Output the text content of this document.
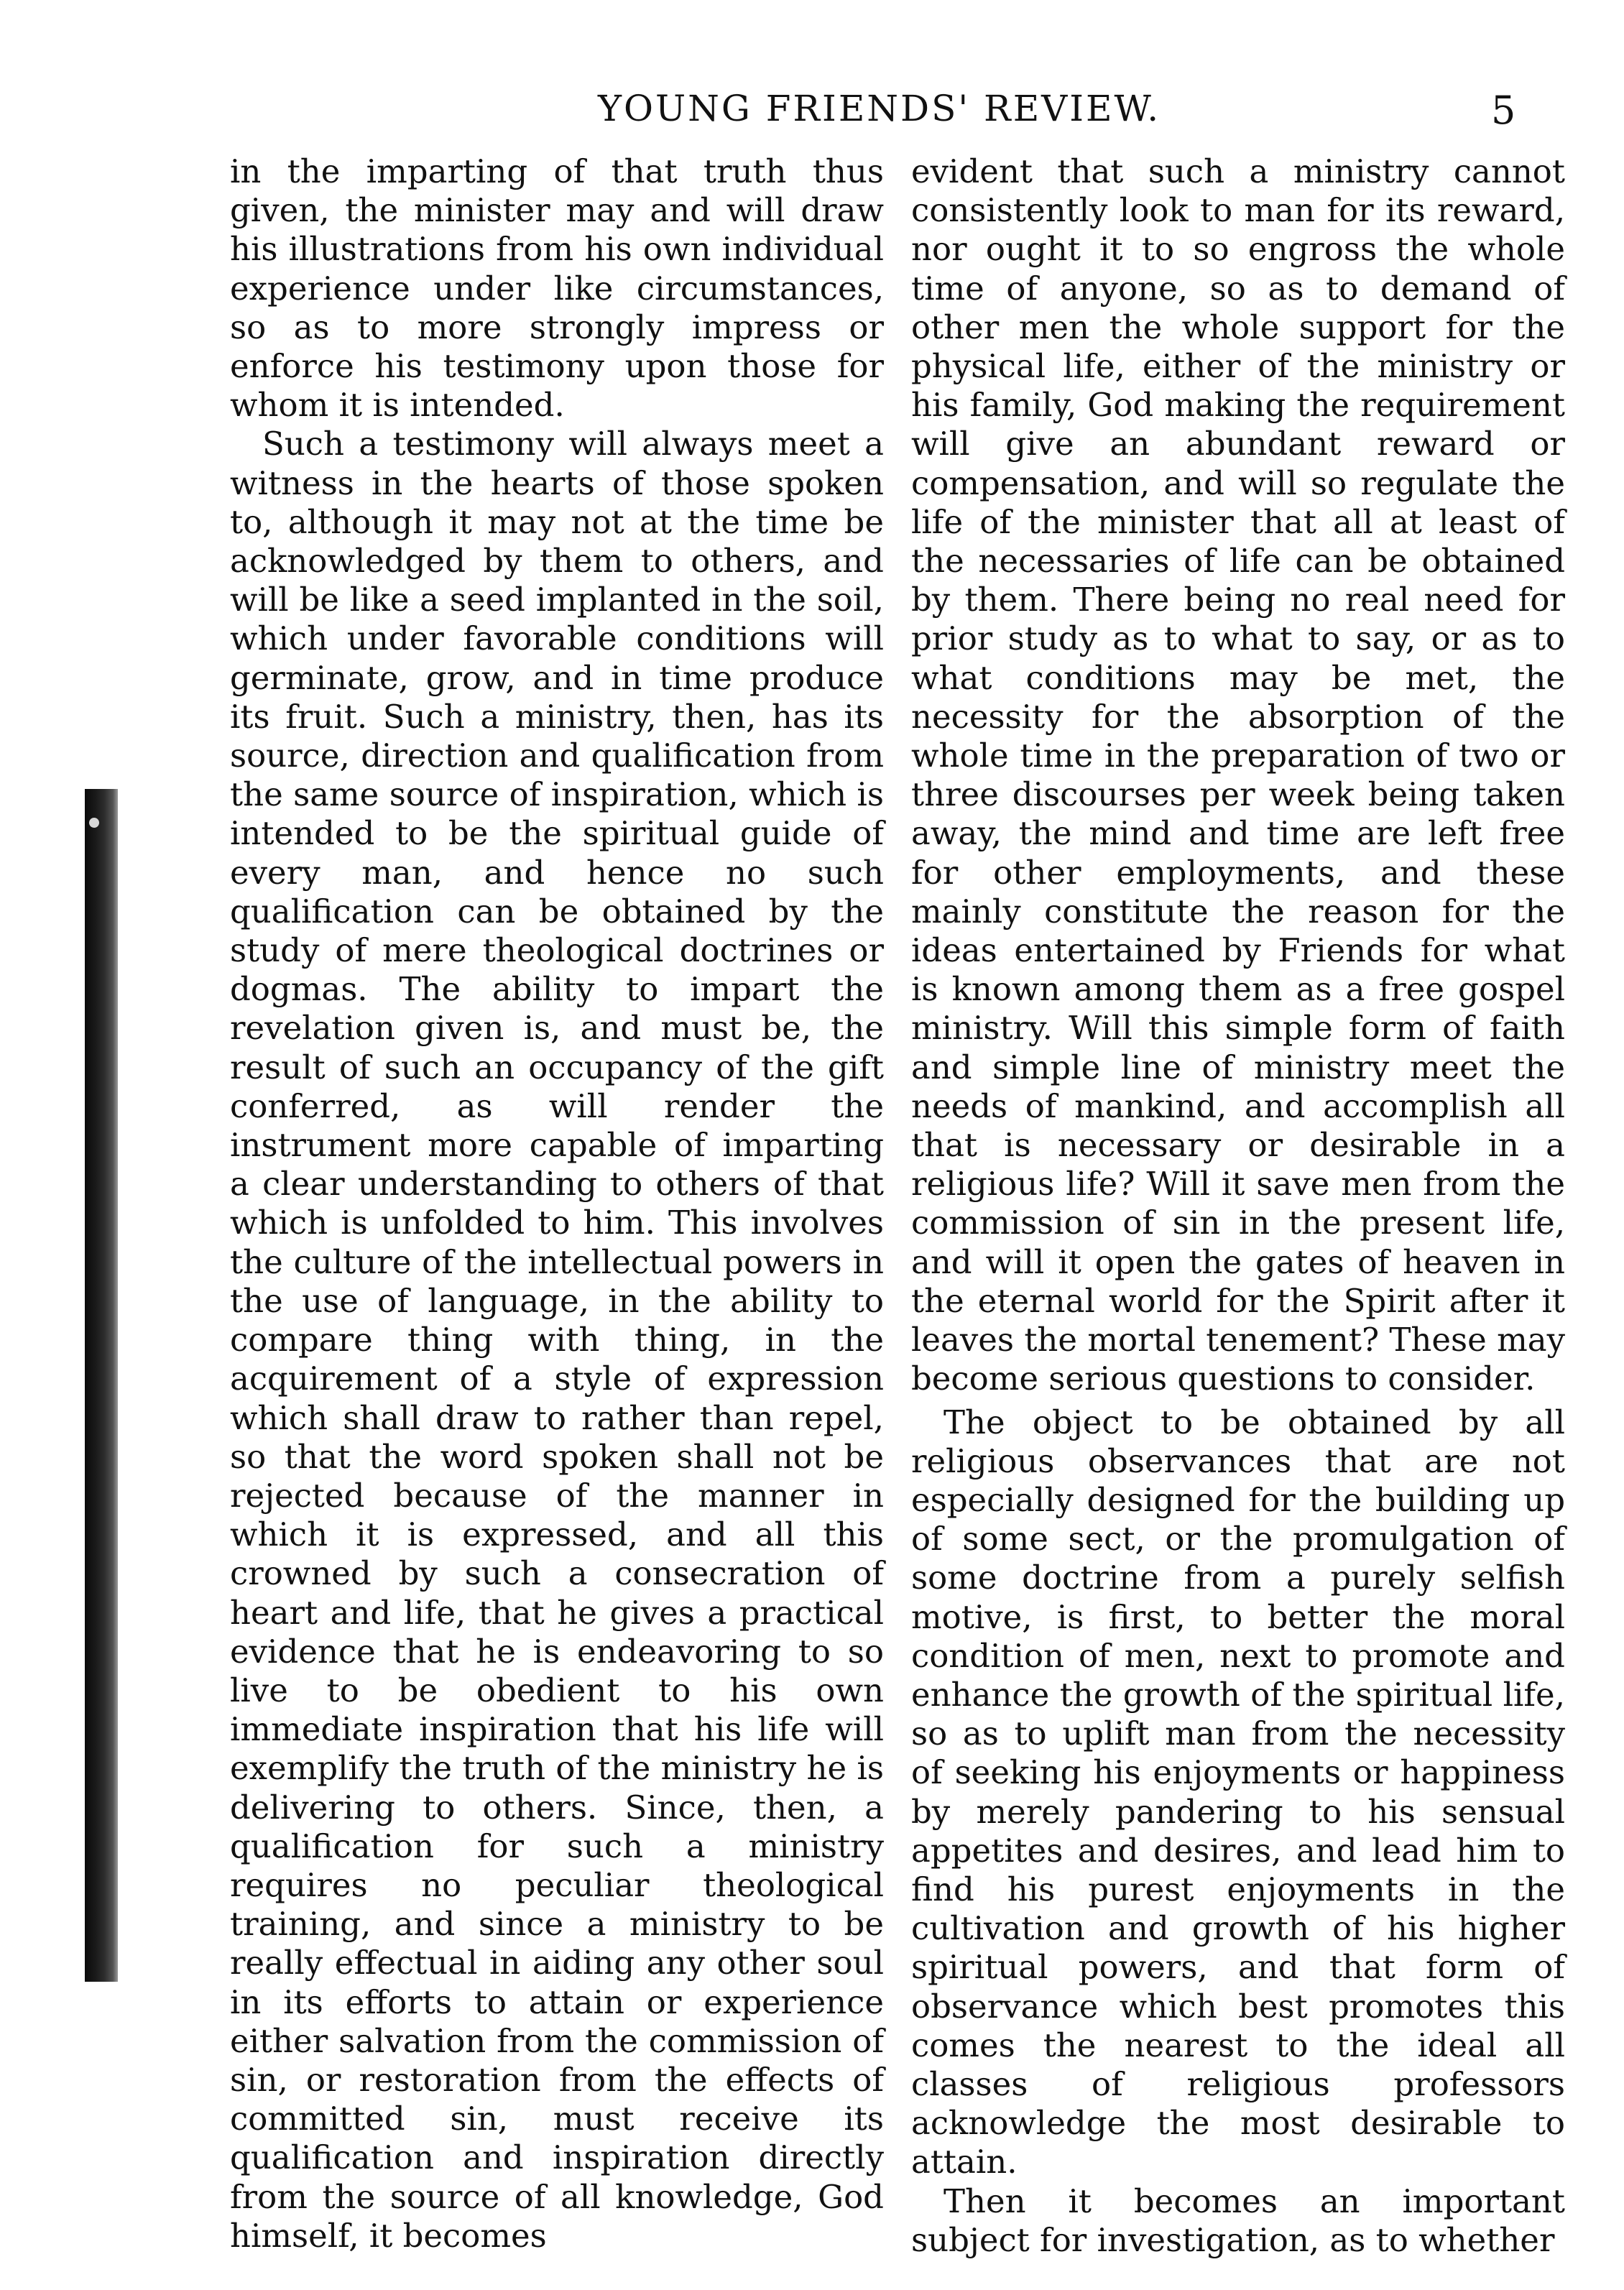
YOUNG FRIENDS' REVIEW.	5

in the imparting of that truth thus given, the minister may and will draw his illustrations from his own individual experience under like circumstances, so as to more strongly impress or enforce his testimony upon those for whom it is intended.

Such a testimony will always meet a witness in the hearts of those spoken to, although it may not at the time be acknowledged by them to others, and will be like a seed implanted in the soil, which under favorable conditions will germinate, grow, and in time produce its fruit. Such a ministry, then, has its source, direction and qualification from the same source of inspiration, which is intended to be the spiritual guide of every man, and hence no such qualification can be obtained by the study of mere theological doctrines or dogmas. The ability to impart the revelation given is, and must be, the result of such an occupancy of the gift conferred, as will render the instrument more capable of imparting a clear understanding to others of that which is unfolded to him. This involves the culture of the intellectual powers in the use of language, in the ability to compare thing with thing, in the acquirement of a style of expression which shall draw to rather than repel, so that the word spoken shall not be rejected because of the manner in which it is expressed, and all this crowned by such a consecration of heart and life, that he gives a practical evidence that he is endeavoring to so live to be obedient to his own immediate inspiration that his life will exemplify the truth of the ministry he is delivering to others. Since, then, a qualification for such a ministry requires no peculiar theological training, and since a ministry to be really effectual in aiding any other soul in its efforts to attain or experience either salvation from the commission of sin, or restoration from the effects of committed sin, must receive its qualification and inspiration directly from the source of all knowledge, God himself, it becomes

evident that such a ministry cannot consistently look to man for its reward, nor ought it to so engross the whole time of anyone, so as to demand of other men the whole support for the physical life, either of the ministry or his family, God making the requirement will give an abundant reward or compensation, and will so regulate the life of the minister that all at least of the necessaries of life can be obtained by them. There being no real need for prior study as to what to say, or as to what conditions may be met, the necessity for the absorption of the whole time in the preparation of two or three discourses per week being taken away, the mind and time are left free for other employments, and these mainly constitute the reason for the ideas entertained by Friends for what is known among them as a free gospel ministry. Will this simple form of faith and simple line of ministry meet the needs of mankind, and accomplish all that is necessary or desirable in a religious life? Will it save men from the commission of sin in the present life, and will it open the gates of heaven in the eternal world for the Spirit after it leaves the mortal tenement? These may become serious questions to consider.

The object to be obtained by all religious observances that are not especially designed for the building up of some sect, or the promulgation of some doctrine from a purely selfish motive, is first, to better the moral condition of men, next to promote and enhance the growth of the spiritual life, so as to uplift man from the necessity of seeking his enjoyments or happiness by merely pandering to his sensual appetites and desires, and lead him to find his purest enjoyments in the cultivation and growth of his higher spiritual powers, and that form of observance which best promotes this comes the nearest to the ideal all classes of religious professors acknowledge the most desirable to attain.

Then it becomes an important subject for investigation, as to whether
